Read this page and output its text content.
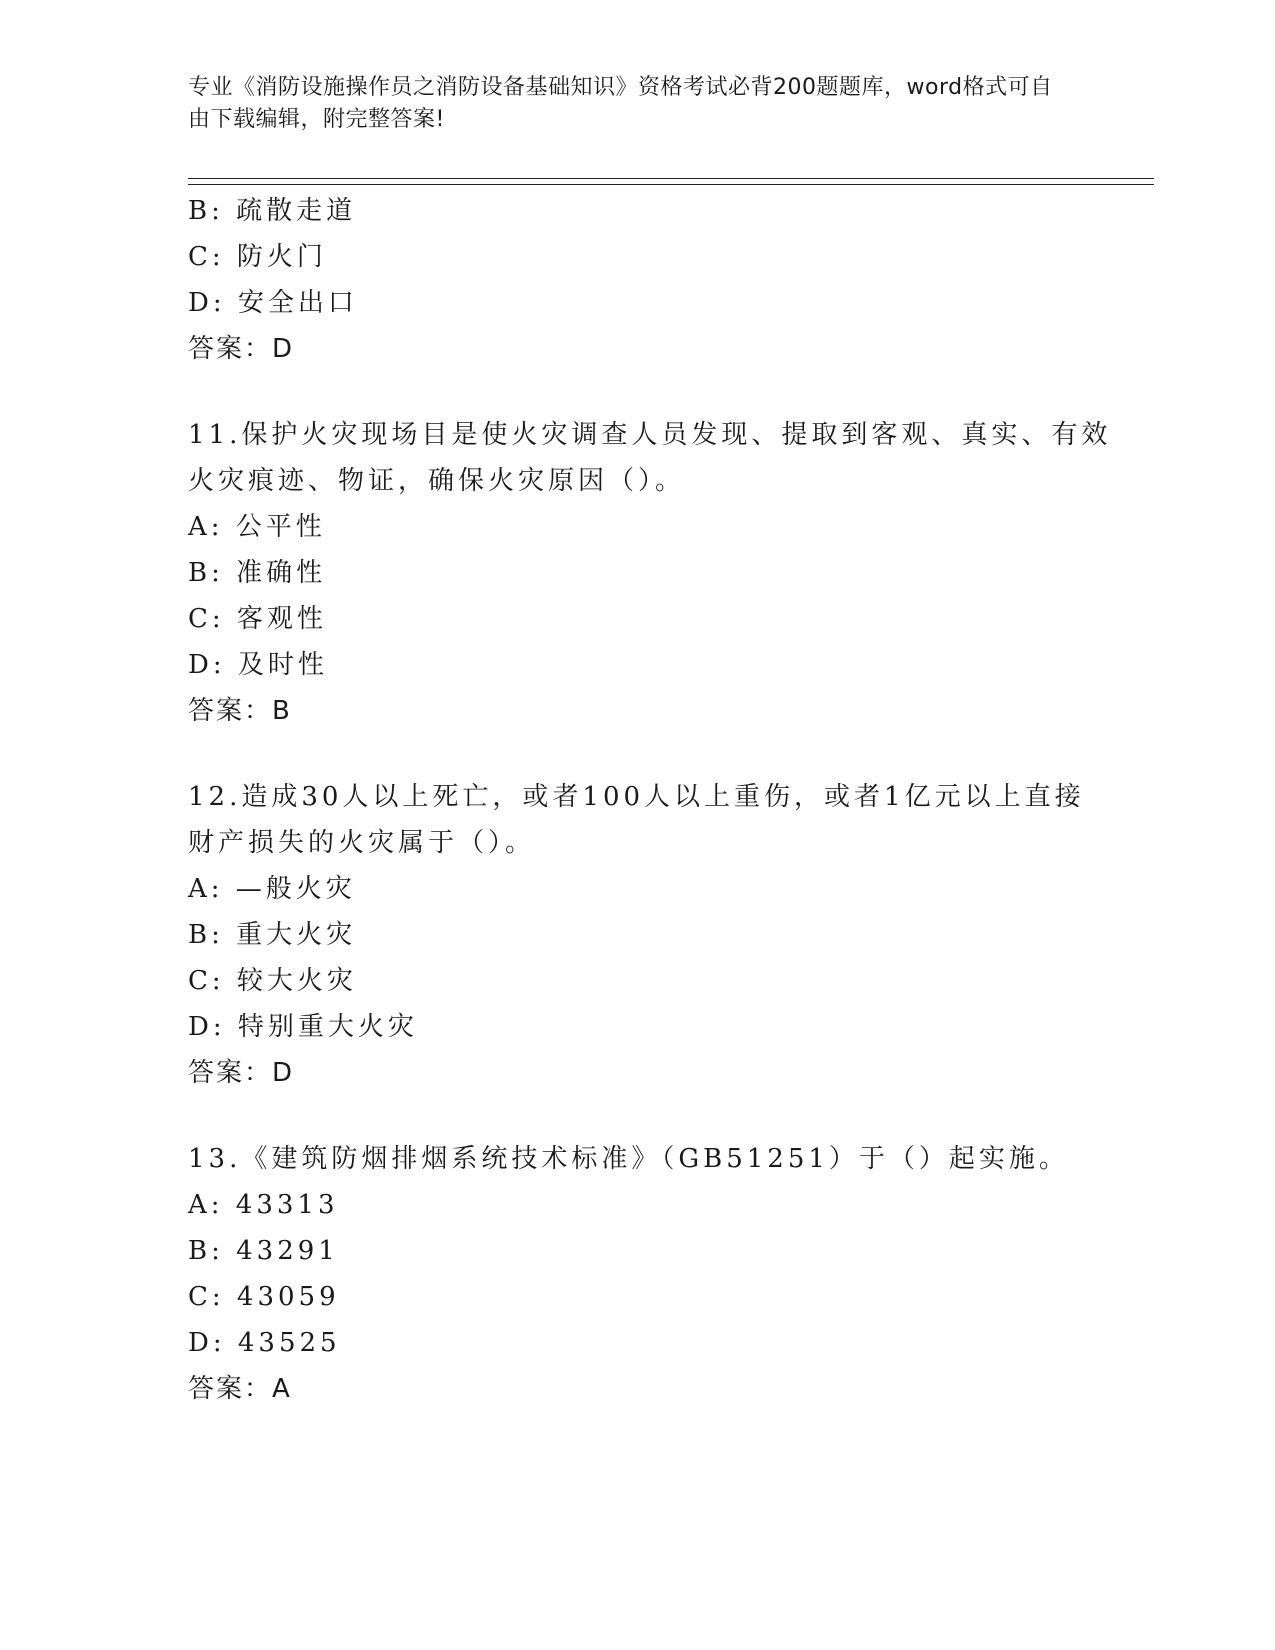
专业《消防设施操作员之消防设备基础知识》资格考试必背200题题库，word格式可自由下载编辑，附完整答案!
B: 疏散走道
C: 防火门
D: 安全出口
答案：D
11.保护火灾现场目是使火灾调查人员发现、提取到客观、真实、有效
火灾痕迹、物证，确保火灾原因（）。
A: 公平性
B: 准确性
C: 客观性
D: 及时性
答案：B
12.造成30人以上死亡，或者100人以上重伤，或者1亿元以上直接
财产损失的火灾属于（）。
A: —般火灾
B: 重大火灾
C: 较大火灾
D: 特别重大火灾
答案：D
13.《建筑防烟排烟系统技术标准》（GB51251）于（）起实施。
A: 43313
B: 43291
C: 43059
D: 43525
答案：A
